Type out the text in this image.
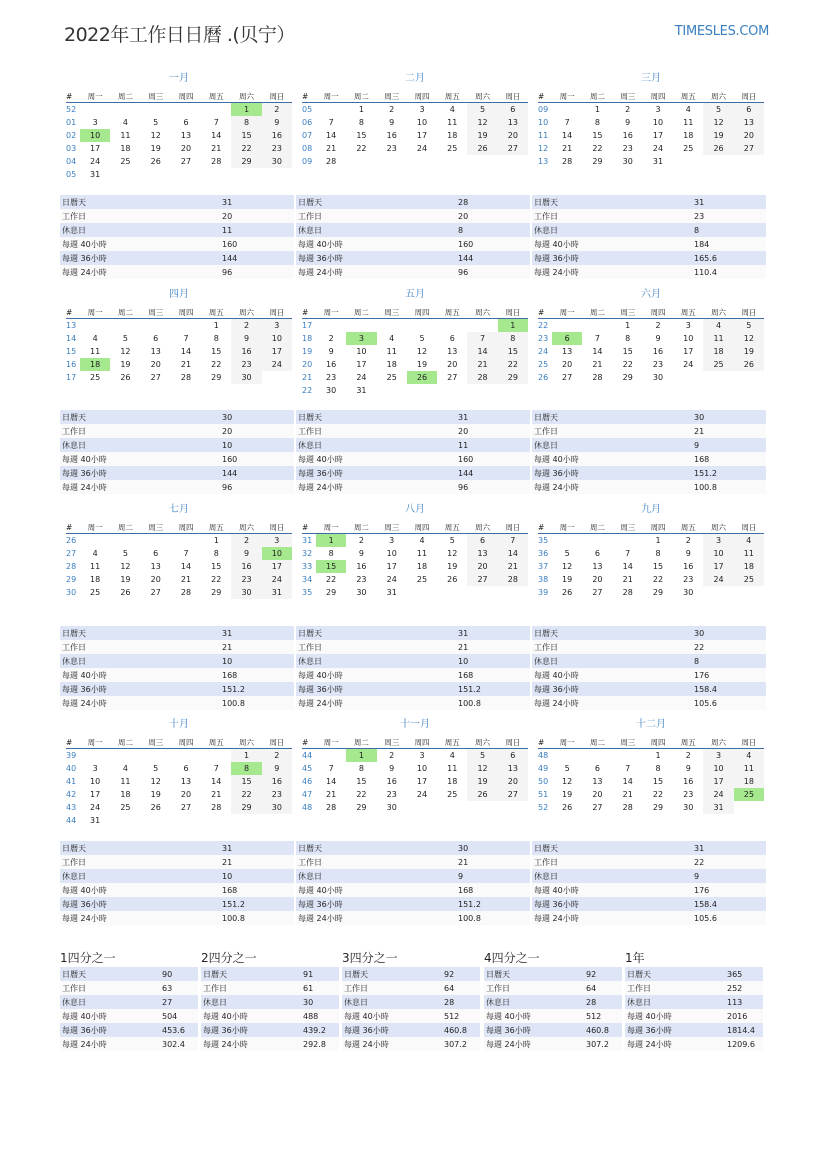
2022年工作日日曆 .(贝宁）	TIMESLES.COM
一月
#	周一	周二	周三	周四	周五	周六	周日
52						1	2
01	3	4	5	6	7	8	9
02	10	11	12	13	14	15	16
03	17	18	19	20	21	22	23
04	24	25	26	27	28	29	30
05	31						
日曆天	31
工作日	20
休息日	11
每週 40小時	160
每週 36小時	144
每週 24小時	96
二月
#	周一	周二	周三	周四	周五	周六	周日
05		1	2	3	4	5	6
06	7	8	9	10	11	12	13
07	14	15	16	17	18	19	20
08	21	22	23	24	25	26	27
09	28						
日曆天	28
工作日	20
休息日	8
每週 40小時	160
每週 36小時	144
每週 24小時	96
三月
#	周一	周二	周三	周四	周五	周六	周日
09		1	2	3	4	5	6
10	7	8	9	10	11	12	13
11	14	15	16	17	18	19	20
12	21	22	23	24	25	26	27
13	28	29	30	31			
日曆天	31
工作日	23
休息日	8
每週 40小時	184
每週 36小時	165.6
每週 24小時	110.4
四月
#	周一	周二	周三	周四	周五	周六	周日
13					1	2	3
14	4	5	6	7	8	9	10
15	11	12	13	14	15	16	17
16	18	19	20	21	22	23	24
17	25	26	27	28	29	30	
日曆天	30
工作日	20
休息日	10
每週 40小時	160
每週 36小時	144
每週 24小時	96
五月
#	周一	周二	周三	周四	周五	周六	周日
17							1
18	2	3	4	5	6	7	8
19	9	10	11	12	13	14	15
20	16	17	18	19	20	21	22
21	23	24	25	26	27	28	29
22	30	31					
日曆天	31
工作日	20
休息日	11
每週 40小時	160
每週 36小時	144
每週 24小時	96
六月
#	周一	周二	周三	周四	周五	周六	周日
22			1	2	3	4	5
23	6	7	8	9	10	11	12
24	13	14	15	16	17	18	19
25	20	21	22	23	24	25	26
26	27	28	29	30			
日曆天	30
工作日	21
休息日	9
每週 40小時	168
每週 36小時	151.2
每週 24小時	100.8
七月
#	周一	周二	周三	周四	周五	周六	周日
26					1	2	3
27	4	5	6	7	8	9	10
28	11	12	13	14	15	16	17
29	18	19	20	21	22	23	24
30	25	26	27	28	29	30	31
日曆天	31
工作日	21
休息日	10
每週 40小時	168
每週 36小時	151.2
每週 24小時	100.8
八月
#	周一	周二	周三	周四	周五	周六	周日
31	1	2	3	4	5	6	7
32	8	9	10	11	12	13	14
33	15	16	17	18	19	20	21
34	22	23	24	25	26	27	28
35	29	30	31				
日曆天	31
工作日	21
休息日	10
每週 40小時	168
每週 36小時	151.2
每週 24小時	100.8
九月
#	周一	周二	周三	周四	周五	周六	周日
35				1	2	3	4
36	5	6	7	8	9	10	11
37	12	13	14	15	16	17	18
38	19	20	21	22	23	24	25
39	26	27	28	29	30		
日曆天	30
工作日	22
休息日	8
每週 40小時	176
每週 36小時	158.4
每週 24小時	105.6
十月
#	周一	周二	周三	周四	周五	周六	周日
39						1	2
40	3	4	5	6	7	8	9
41	10	11	12	13	14	15	16
42	17	18	19	20	21	22	23
43	24	25	26	27	28	29	30
44	31						
日曆天	31
工作日	21
休息日	10
每週 40小時	168
每週 36小時	151.2
每週 24小時	100.8
十一月
#	周一	周二	周三	周四	周五	周六	周日
44		1	2	3	4	5	6
45	7	8	9	10	11	12	13
46	14	15	16	17	18	19	20
47	21	22	23	24	25	26	27
48	28	29	30				
日曆天	30
工作日	21
休息日	9
每週 40小時	168
每週 36小時	151.2
每週 24小時	100.8
十二月
#	周一	周二	周三	周四	周五	周六	周日
48				1	2	3	4
49	5	6	7	8	9	10	11
50	12	13	14	15	16	17	18
51	19	20	21	22	23	24	25
52	26	27	28	29	30	31	
日曆天	31
工作日	22
休息日	9
每週 40小時	176
每週 36小時	158.4
每週 24小時	105.6
1四分之一
日曆天	90
工作日	63
休息日	27
每週 40小時	504
每週 36小時	453.6
每週 24小時	302.4
2四分之一
日曆天	91
工作日	61
休息日	30
每週 40小時	488
每週 36小時	439.2
每週 24小時	292.8
3四分之一
日曆天	92
工作日	64
休息日	28
每週 40小時	512
每週 36小時	460.8
每週 24小時	307.2
4四分之一
日曆天	92
工作日	64
休息日	28
每週 40小時	512
每週 36小時	460.8
每週 24小時	307.2
1年
日曆天	365
工作日	252
休息日	113
每週 40小時	2016
每週 36小時	1814.4
每週 24小時	1209.6
